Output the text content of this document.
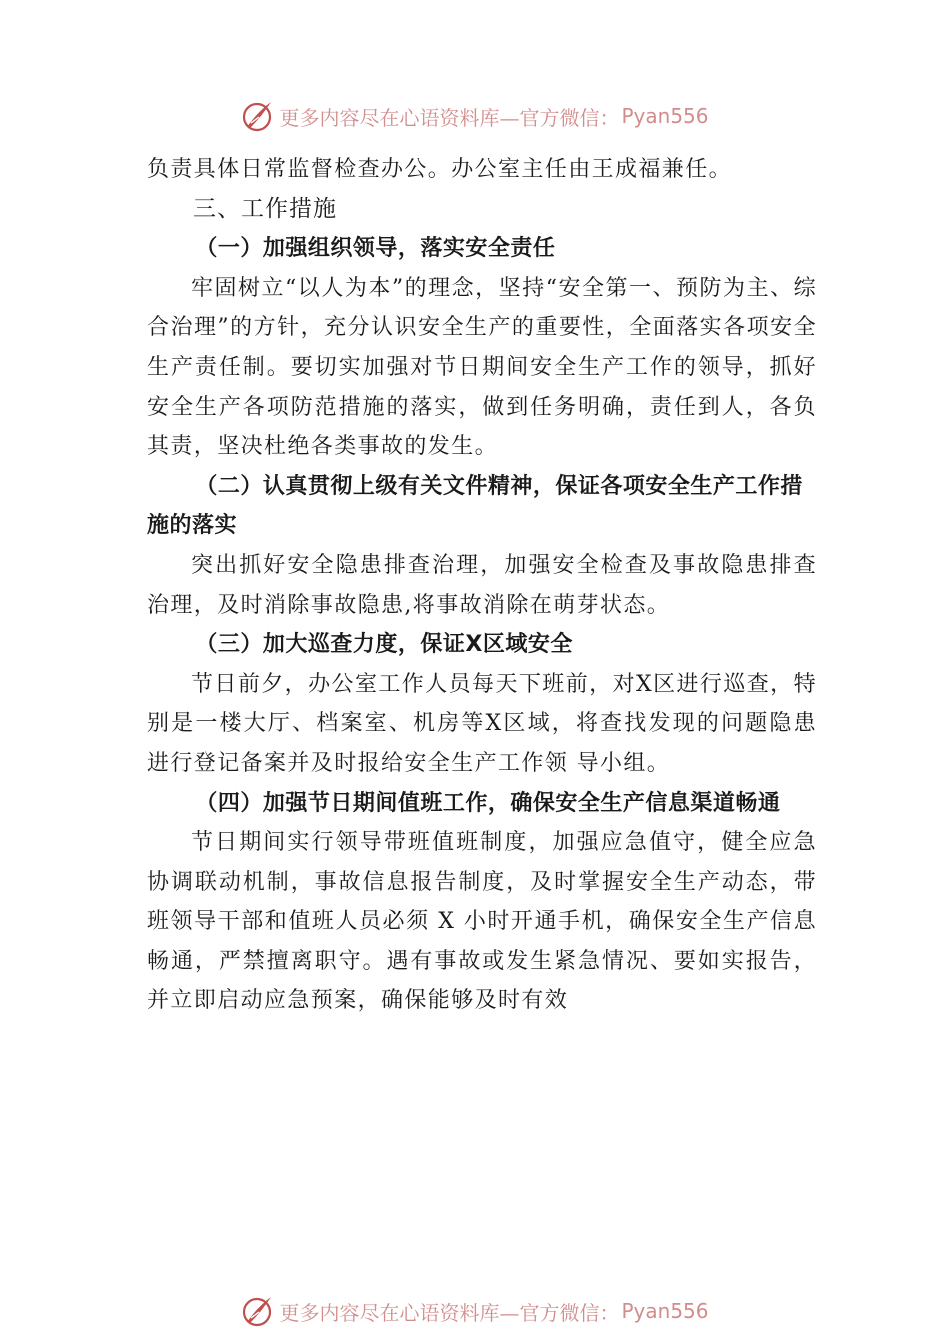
更多内容尽在心语资料库—官方微信： Pyan556

负责具体日常监督检查办公。办公室主任由王成福兼任。

三、工作措施

（一）加强组织领导，落实安全责任

牢固树立“以人为本”的理念，坚持“安全第一、预防为主、综合治理”的方针，充分认识安全生产的重要性，全面落实各项安全生产责任制。要切实加强对节日期间安全生产工作的领导，抓好安全生产各项防范措施的落实，做到任务明确，责任到人，各负其责，坚决杜绝各类事故的发生。

（二）认真贯彻上级有关文件精神，保证各项安全生产工作措施的落实

突出抓好安全隐患排查治理，加强安全检查及事故隐患排查治理，及时消除事故隐患,将事故消除在萌芽状态。

（三）加大巡查力度，保证X区域安全

节日前夕，办公室工作人员每天下班前，对X区进行巡查，特别是一楼大厅、档案室、机房等X区域，将查找发现的问题隐患进行登记备案并及时报给安全生产工作领 导小组。

（四）加强节日期间值班工作，确保安全生产信息渠道畅通

节日期间实行领导带班值班制度，加强应急值守，健全应急协调联动机制，事故信息报告制度，及时掌握安全生产动态，带班领导干部和值班人员必须 X 小时开通手机，确保安全生产信息畅通，严禁擅离职守。遇有事故或发生紧急情况、要如实报告，并立即启动应急预案，确保能够及时有效

更多内容尽在心语资料库—官方微信： Pyan556
